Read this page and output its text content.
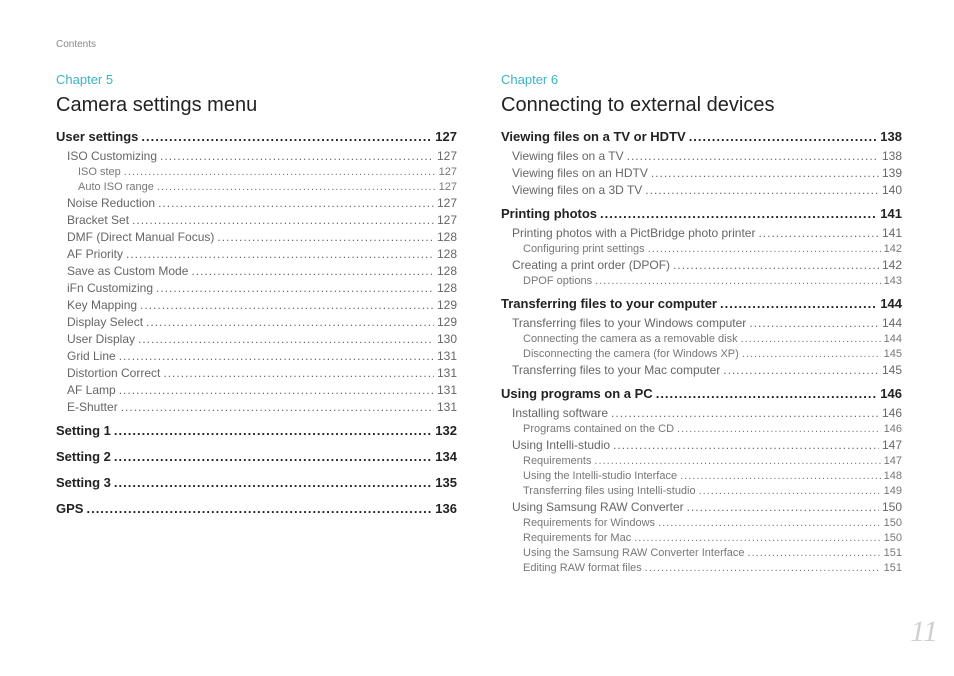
Contents
Chapter 5
Camera settings menu
User settings .....	127
ISO Customizing .....	127
ISO step .....	127
Auto ISO range .....	127
Noise Reduction .....	127
Bracket Set .....	127
DMF (Direct Manual Focus) .....	128
AF Priority .....	128
Save as Custom Mode .....	128
iFn Customizing .....	128
Key Mapping .....	129
Display Select .....	129
User Display .....	130
Grid Line .....	131
Distortion Correct .....	131
AF Lamp .....	131
E-Shutter .....	131
Setting 1 .....	132
Setting 2 .....	134
Setting 3 .....	135
GPS .....	136
Chapter 6
Connecting to external devices
Viewing files on a TV or HDTV .....	138
Viewing files on a TV .....	138
Viewing files on an HDTV .....	139
Viewing files on a 3D TV .....	140
Printing photos .....	141
Printing photos with a PictBridge photo printer .....	141
Configuring print settings .....	142
Creating a print order (DPOF) .....	142
DPOF options .....	143
Transferring files to your computer .....	144
Transferring files to your Windows computer .....	144
Connecting the camera as a removable disk .....	144
Disconnecting the camera (for Windows XP) .....	145
Transferring files to your Mac computer .....	145
Using programs on a PC .....	146
Installing software .....	146
Programs contained on the CD .....	146
Using Intelli-studio .....	147
Requirements .....	147
Using the Intelli-studio Interface .....	148
Transferring files using Intelli-studio .....	149
Using Samsung RAW Converter .....	150
Requirements for Windows .....	150
Requirements for Mac .....	150
Using the Samsung RAW Converter Interface .....	151
Editing RAW format files .....	151
11
